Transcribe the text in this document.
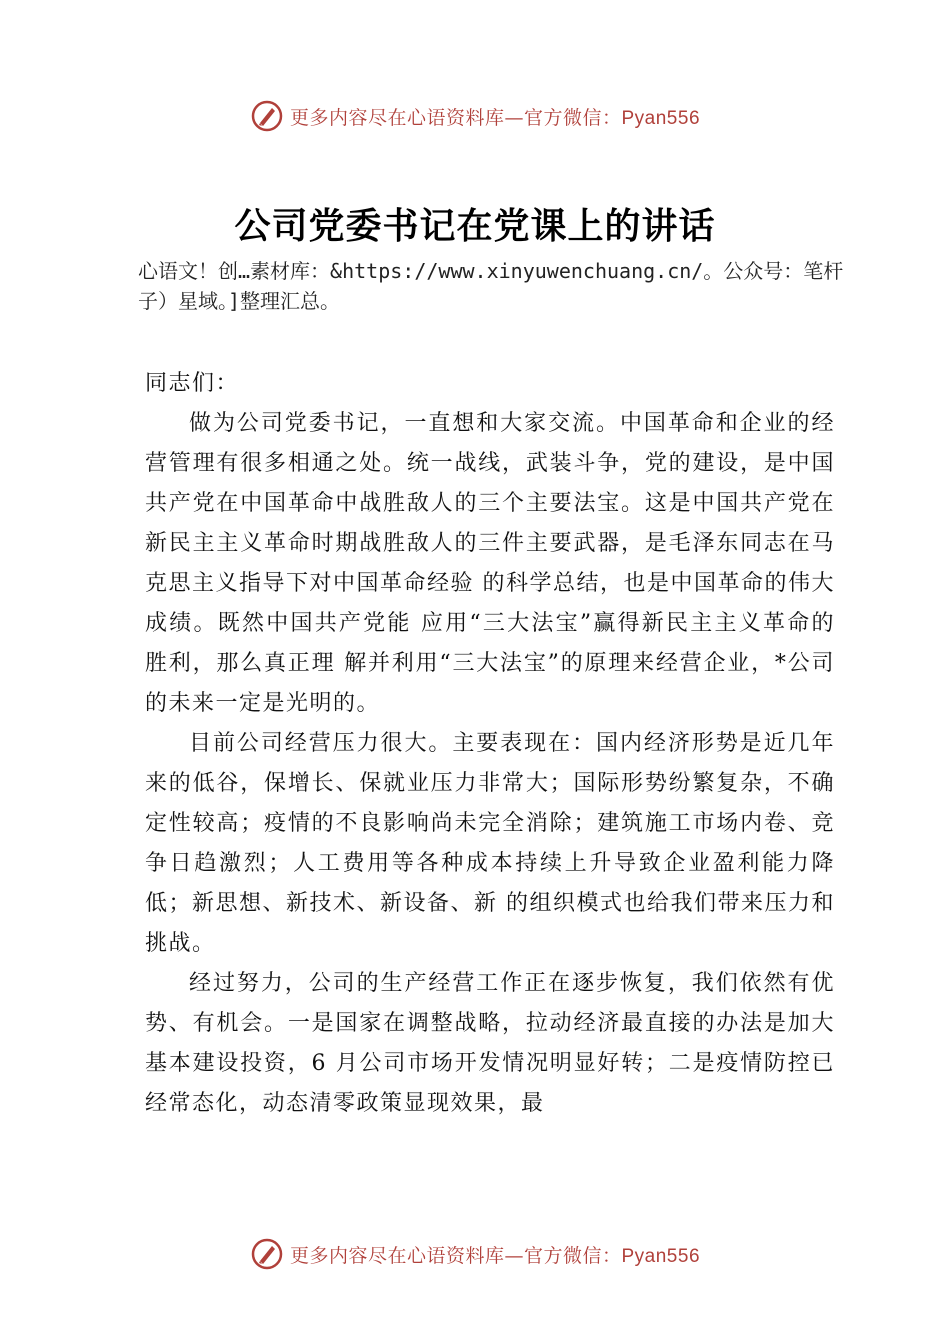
更多内容尽在心语资料库—官方微信：Pyan556
公司党委书记在党课上的讲话
心语文！创…素材库：&https://www.xinyuwenchuang.cn/。公众号：笔杆子）星域。]整理汇总。

同志们：

做为公司党委书记，一直想和大家交流。中国革命和企业的经营管理有很多相通之处。统一战线，武装斗争，党的建设，是中国共产党在中国革命中战胜敌人的三个主要法宝。这是中国共产党在新民主主义革命时期战胜敌人的三件主要武器，是毛泽东同志在马克思主义指导下对中国革命经验 的科学总结，也是中国革命的伟大成绩。既然中国共产党能 应用“三大法宝”赢得新民主主义革命的胜利，那么真正理 解并利用“三大法宝”的原理来经营企业，*公司的未来一定是光明的。

目前公司经营压力很大。主要表现在：国内经济形势是近几年来的低谷，保增长、保就业压力非常大；国际形势纷繁复杂，不确定性较高；疫情的不良影响尚未完全消除；建筑施工市场内卷、竞争日趋激烈；人工费用等各种成本持续上升导致企业盈利能力降低；新思想、新技术、新设备、新 的组织模式也给我们带来压力和挑战。

经过努力，公司的生产经营工作正在逐步恢复，我们依然有优势、有机会。一是国家在调整战略，拉动经济最直接的办法是加大基本建设投资，6 月公司市场开发情况明显好转；二是疫情防控已经常态化，动态清零政策显现效果，最

更多内容尽在心语资料库—官方微信：Pyan556
